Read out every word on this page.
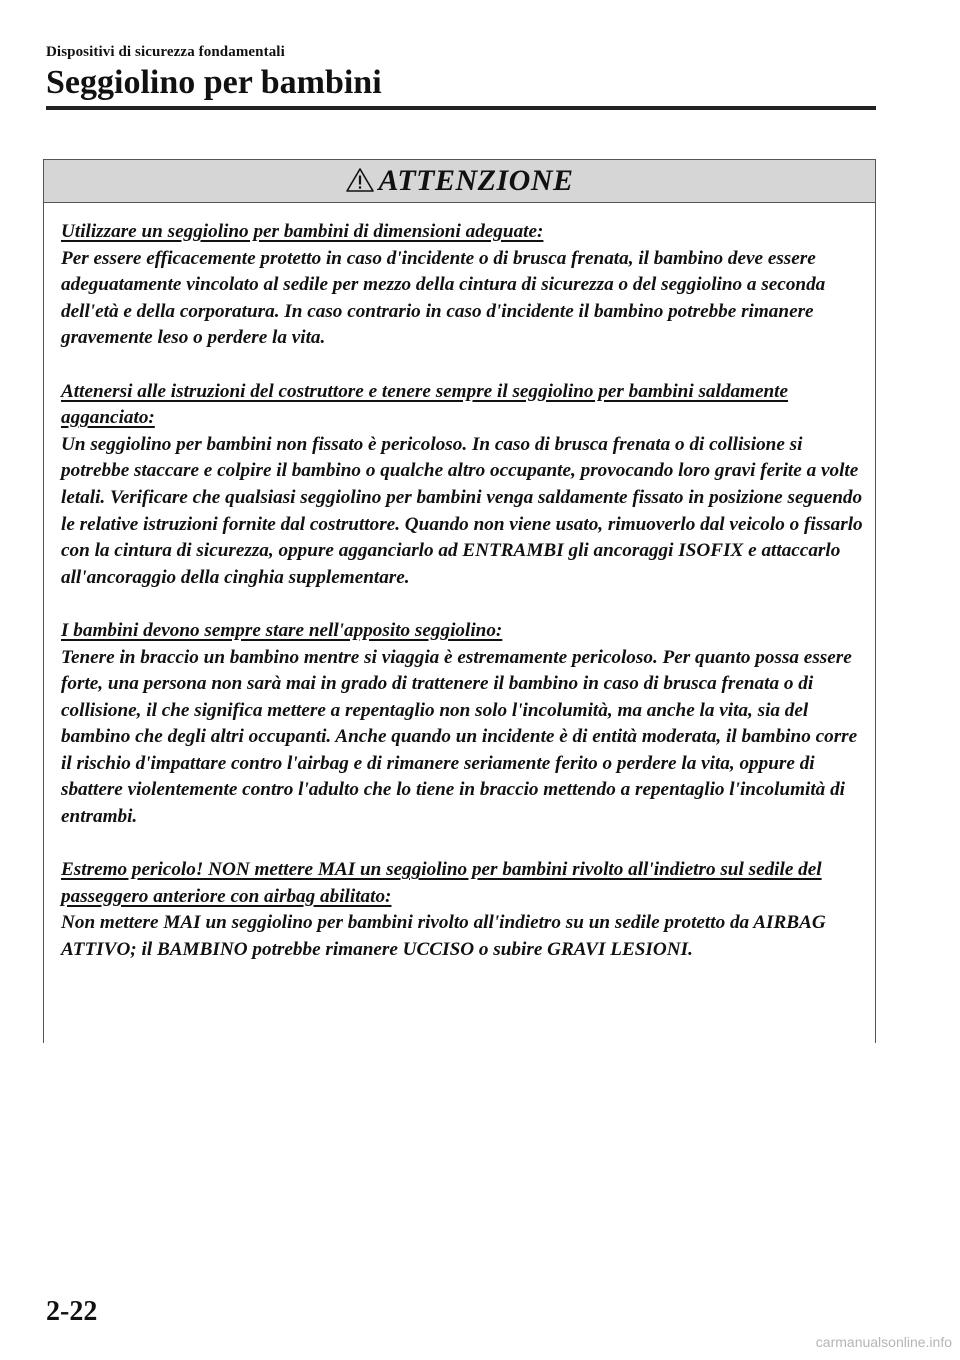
Dispositivi di sicurezza fondamentali
Seggiolino per bambini
ATTENZIONE

Utilizzare un seggiolino per bambini di dimensioni adeguate:
Per essere efficacemente protetto in caso d'incidente o di brusca frenata, il bambino deve essere adeguatamente vincolato al sedile per mezzo della cintura di sicurezza o del seggiolino a seconda dell'età e della corporatura. In caso contrario in caso d'incidente il bambino potrebbe rimanere gravemente leso o perdere la vita.

Attenersi alle istruzioni del costruttore e tenere sempre il seggiolino per bambini saldamente agganciato:
Un seggiolino per bambini non fissato è pericoloso. In caso di brusca frenata o di collisione si potrebbe staccare e colpire il bambino o qualche altro occupante, provocando loro gravi ferite a volte letali. Verificare che qualsiasi seggiolino per bambini venga saldamente fissato in posizione seguendo le relative istruzioni fornite dal costruttore. Quando non viene usato, rimuoverlo dal veicolo o fissarlo con la cintura di sicurezza, oppure agganciarlo ad ENTRAMBI gli ancoraggi ISOFIX e attaccarlo all'ancoraggio della cinghia supplementare.

I bambini devono sempre stare nell'apposito seggiolino:
Tenere in braccio un bambino mentre si viaggia è estremamente pericoloso. Per quanto possa essere forte, una persona non sarà mai in grado di trattenere il bambino in caso di brusca frenata o di collisione, il che significa mettere a repentaglio non solo l'incolumità, ma anche la vita, sia del bambino che degli altri occupanti. Anche quando un incidente è di entità moderata, il bambino corre il rischio d'impattare contro l'airbag e di rimanere seriamente ferito o perdere la vita, oppure di sbattere violentemente contro l'adulto che lo tiene in braccio mettendo a repentaglio l'incolumità di entrambi.

Estremo pericolo! NON mettere MAI un seggiolino per bambini rivolto all'indietro sul sedile del passeggero anteriore con airbag abilitato:
Non mettere MAI un seggiolino per bambini rivolto all'indietro su un sedile protetto da AIRBAG ATTIVO; il BAMBINO potrebbe rimanere UCCISO o subire GRAVI LESIONI.

2-22
carmanualsonline.info
